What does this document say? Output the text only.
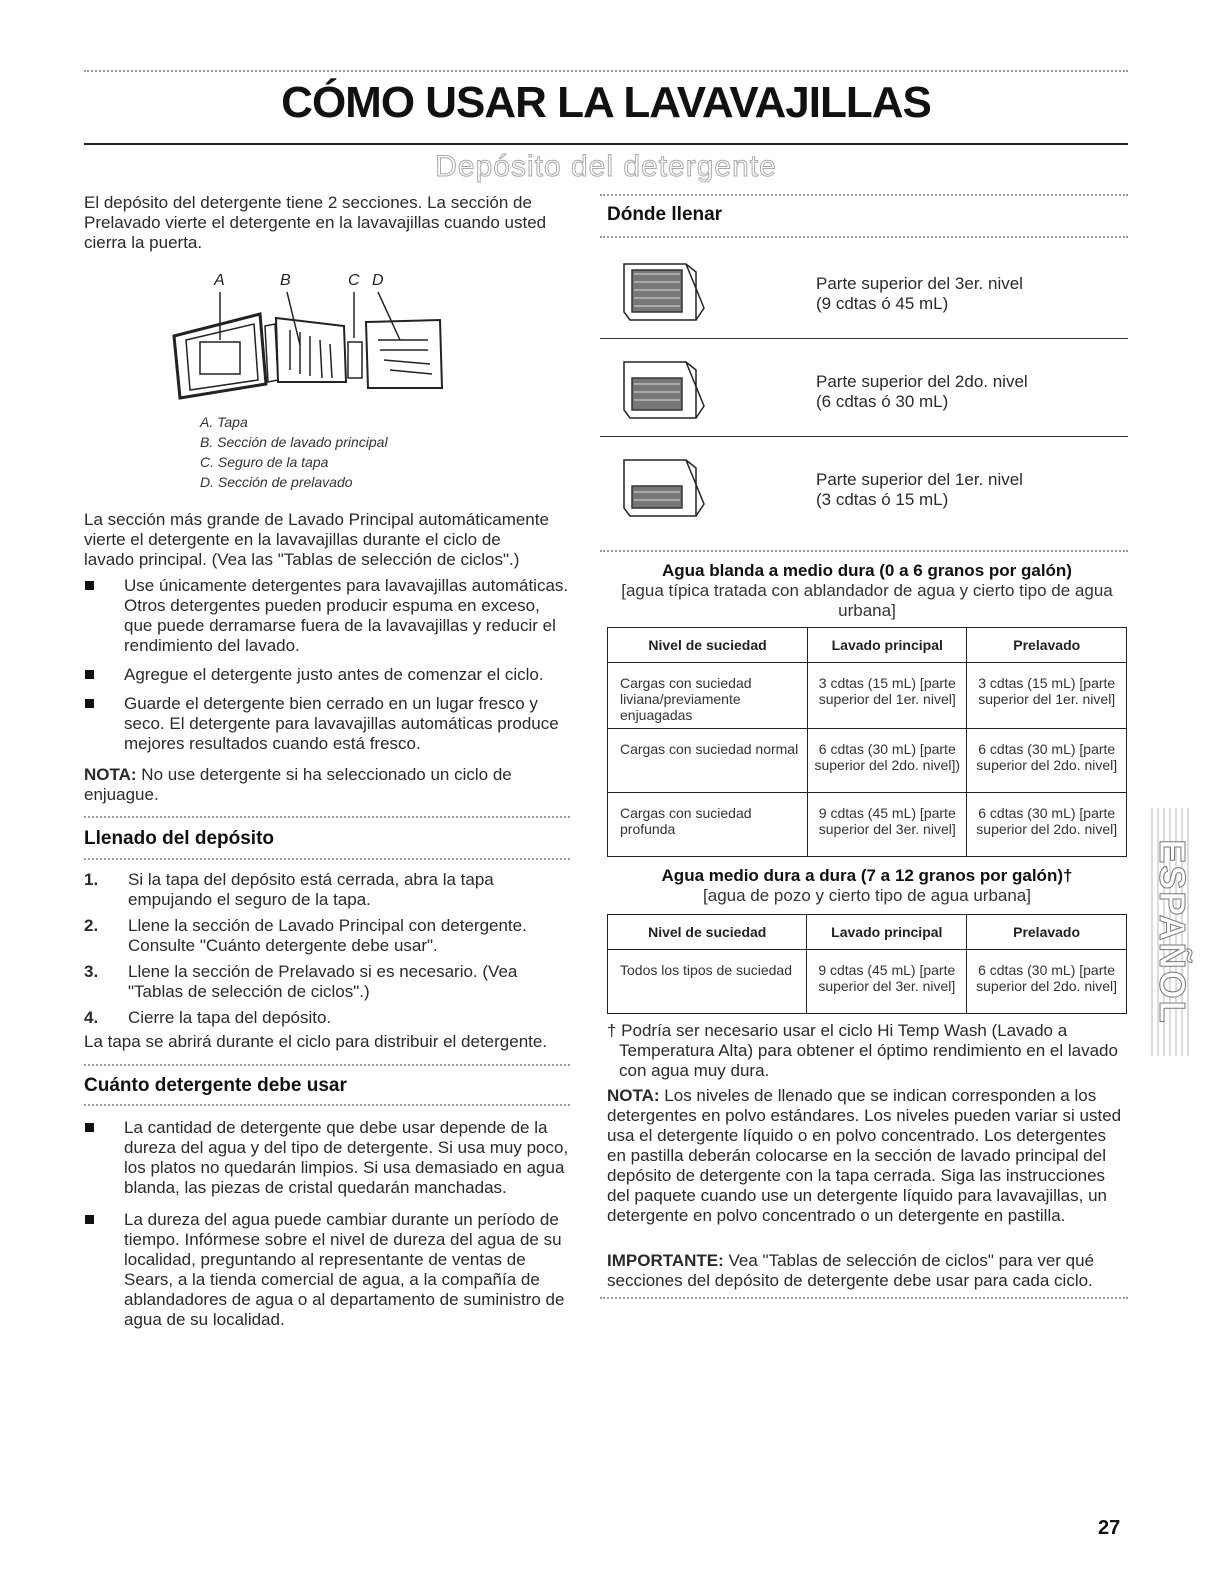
CÓMO USAR LA LAVAVAJILLAS
Depósito del detergente
El depósito del detergente tiene 2 secciones. La sección de Prelavado vierte el detergente en la lavavajillas cuando usted cierra la puerta.
A	B	C D
A. Tapa
B. Sección de lavado principal
C. Seguro de la tapa
D. Sección de prelavado
La sección más grande de Lavado Principal automáticamente vierte el detergente en la lavavajillas durante el ciclo de lavado principal. (Vea las "Tablas de selección de ciclos".)
Use únicamente detergentes para lavavajillas automáticas. Otros detergentes pueden producir espuma en exceso, que puede derramarse fuera de la lavavajillas y reducir el rendimiento del lavado.
Agregue el detergente justo antes de comenzar el ciclo.
Guarde el detergente bien cerrado en un lugar fresco y seco. El detergente para lavavajillas automáticas produce mejores resultados cuando está fresco.
NOTA: No use detergente si ha seleccionado un ciclo de enjuague.
Llenado del depósito
1. Si la tapa del depósito está cerrada, abra la tapa empujando el seguro de la tapa.
2. Llene la sección de Lavado Principal con detergente. Consulte "Cuánto detergente debe usar".
3. Llene la sección de Prelavado si es necesario. (Vea "Tablas de selección de ciclos".)
4. Cierre la tapa del depósito.
La tapa se abrirá durante el ciclo para distribuir el detergente.
Cuánto detergente debe usar
La cantidad de detergente que debe usar depende de la dureza del agua y del tipo de detergente. Si usa muy poco, los platos no quedarán limpios. Si usa demasiado en agua blanda, las piezas de cristal quedarán manchadas.
La dureza del agua puede cambiar durante un período de tiempo. Infórmese sobre el nivel de dureza del agua de su localidad, preguntando al representante de ventas de Sears, a la tienda comercial de agua, a la compañía de ablandadores de agua o al departamento de suministro de agua de su localidad.
Dónde llenar
Parte superior del 3er. nivel
(9 cdtas ó 45 mL)
Parte superior del 2do. nivel
(6 cdtas ó 30 mL)
Parte superior del 1er. nivel
(3 cdtas ó 15 mL)
Agua blanda a medio dura (0 a 6 granos por galón)
[agua típica tratada con ablandador de agua y cierto tipo de agua urbana]
Nivel de suciedad	Lavado principal	Prelavado
Cargas con suciedad liviana/previamente enjuagadas	3 cdtas (15 mL) [parte superior del 1er. nivel]	3 cdtas (15 mL) [parte superior del 1er. nivel]
Cargas con suciedad normal	6 cdtas (30 mL) [parte superior del 2do. nivel])	6 cdtas (30 mL) [parte superior del 2do. nivel]
Cargas con suciedad profunda	9 cdtas (45 mL) [parte superior del 3er. nivel]	6 cdtas (30 mL) [parte superior del 2do. nivel]
Agua medio dura a dura (7 a 12 granos por galón)†
[agua de pozo y cierto tipo de agua urbana]
Nivel de suciedad	Lavado principal	Prelavado
Todos los tipos de suciedad	9 cdtas (45 mL) [parte superior del 3er. nivel]	6 cdtas (30 mL) [parte superior del 2do. nivel]
† Podría ser necesario usar el ciclo Hi Temp Wash (Lavado a Temperatura Alta) para obtener el óptimo rendimiento en el lavado con agua muy dura.
NOTA: Los niveles de llenado que se indican corresponden a los detergentes en polvo estándares. Los niveles pueden variar si usted usa el detergente líquido o en polvo concentrado. Los detergentes en pastilla deberán colocarse en la sección de lavado principal del depósito de detergente con la tapa cerrada. Siga las instrucciones del paquete cuando use un detergente líquido para lavavajillas, un detergente en polvo concentrado o un detergente en pastilla.
IMPORTANTE: Vea "Tablas de selección de ciclos" para ver qué secciones del depósito de detergente debe usar para cada ciclo.
ESPAÑOL
27
